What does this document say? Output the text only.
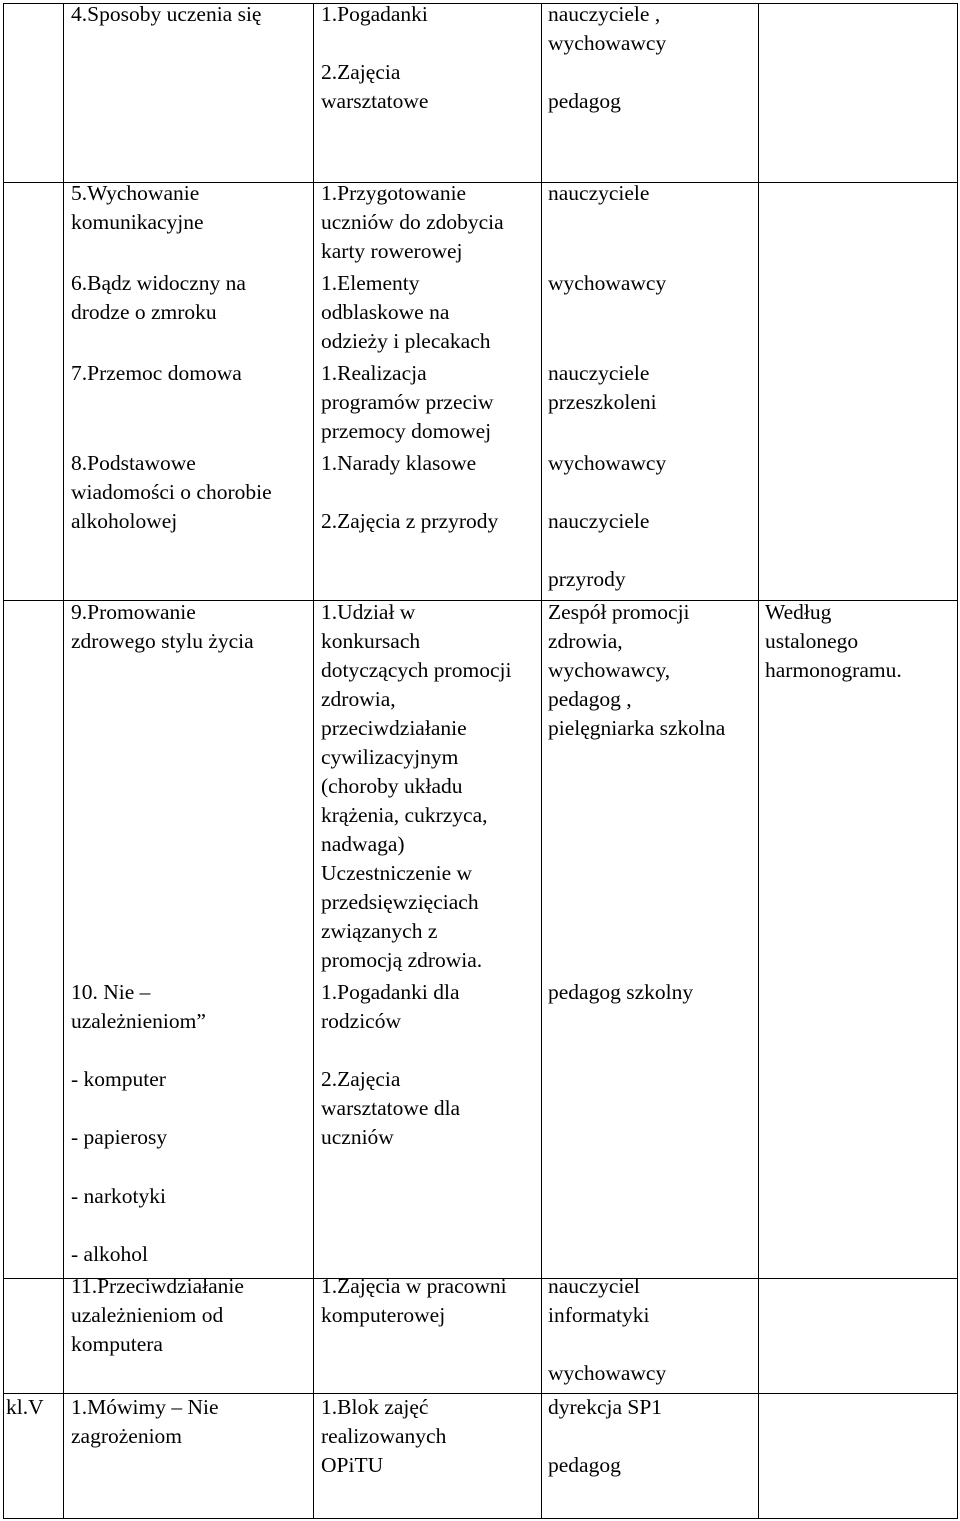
4.Sposoby uczenia się	1.Pogadanki
2.Zajęcia
warsztatowe
nauczyciele ,
wychowawcy
pedagog
5.Wychowanie
komunikacyjne
1.Przygotowanie
uczniów do zdobycia
karty rowerowej
nauczyciele
6.Bądz widoczny na
drodze o zmroku
1.Elementy
odblaskowe na
odzieży i plecakach
wychowawcy
7.Przemoc domowa	1.Realizacja
programów przeciw
przemocy domowej
nauczyciele
przeszkoleni
8.Podstawowe
wiadomości o chorobie
alkoholowej
1.Narady klasowe
2.Zajęcia z przyrody
wychowawcy
nauczyciele
przyrody
9.Promowanie
zdrowego stylu życia
1.Udział w
konkursach
dotyczących promocji
zdrowia,
przeciwdziałanie
cywilizacyjnym
(choroby układu
krążenia, cukrzyca,
nadwaga)
Uczestniczenie w
przedsięwzięciach
związanych z
promocją zdrowia.
Zespół promocji
zdrowia,
wychowawcy,
pedagog ,
pielęgniarka szkolna
Według
ustalonego
harmonogramu.
10. Nie –
uzależnieniom”
- komputer
- papierosy
- narkotyki
- alkohol
1.Pogadanki dla
rodziców
2.Zajęcia
warsztatowe dla
uczniów
pedagog szkolny
11.Przeciwdziałanie
uzależnieniom od
komputera
1.Zajęcia w pracowni
komputerowej
nauczyciel
informatyki
wychowawcy
kl.V 1.Mówimy – Nie
zagrożeniom
1.Blok zajęć
realizowanych
OPiTU
dyrekcja SP1
pedagog
